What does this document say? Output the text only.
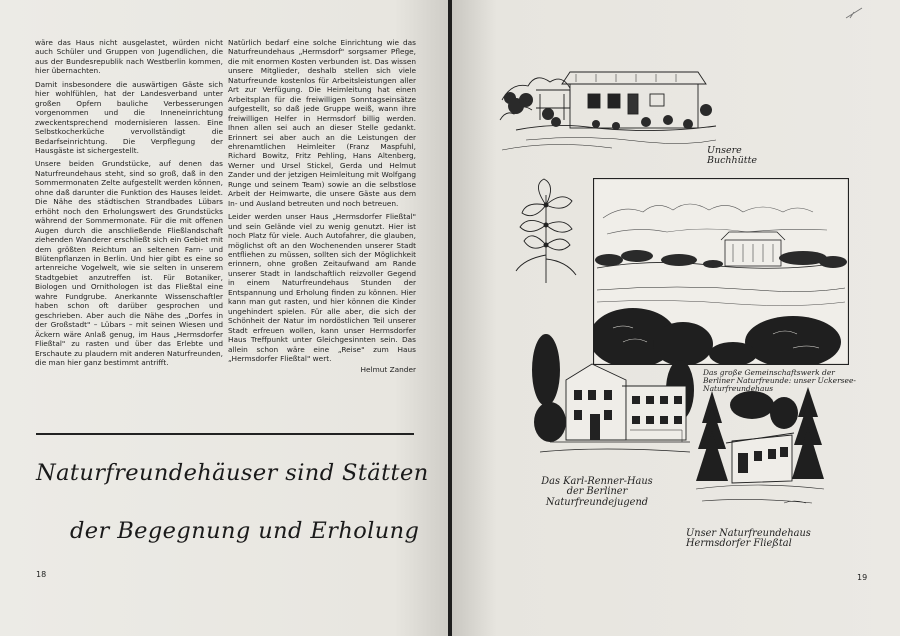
wäre das Haus nicht ausgelastet, würden nicht auch Schüler und Gruppen von Jugendlichen, die aus der Bundesrepublik nach Westberlin kommen, hier übernachten.

Damit insbesondere die auswärtigen Gäste sich hier wohlfühlen, hat der Landesverband unter großen Opfern bauliche Verbesserungen vorgenommen und die Inneneinrichtung zweckentsprechend modernisieren lassen. Eine Selbstkocherküche vervollständigt die Bedarfseinrichtung. Die Verpflegung der Hausgäste ist sichergestellt.

Unsere beiden Grundstücke, auf denen das Naturfreundehaus steht, sind so groß, daß in den Sommermonaten Zelte aufgestellt werden können, ohne daß darunter die Funktion des Hauses leidet. Die Nähe des städtischen Strandbades Lübars erhöht noch den Erholungswert des Grundstücks während der Sommermonate. Für die mit offenen Augen durch die anschließende Fließlandschaft ziehenden Wanderer erschließt sich ein Gebiet mit dem größten Reichtum an seltenen Farn- und Blütenpflanzen in Berlin. Und hier gibt es eine so artenreiche Vogelwelt, wie sie selten in unserem Stadtgebiet anzutreffen ist. Für Botaniker, Biologen und Ornithologen ist das Fließtal eine wahre Fundgrube. Anerkannte Wissenschaftler haben schon oft darüber gesprochen und geschrieben. Aber auch die Nähe des „Dorfes in der Großstadt" – Lübars – mit seinen Wiesen und Äckern wäre Anlaß genug, im Haus „Hermsdorfer Fließtal" zu rasten und über das Erlebte und Erschaute zu plaudern mit anderen Naturfreunden, die man hier ganz bestimmt antrifft.

Natürlich bedarf eine solche Einrichtung wie das Naturfreundehaus „Hermsdorf" sorgsamer Pflege, die mit enormen Kosten verbunden ist. Das wissen unsere Mitglieder, deshalb stellen sich viele Naturfreunde kostenlos für Arbeitsleistungen aller Art zur Verfügung. Die Heimleitung hat einen Arbeitsplan für die freiwilligen Sonntagseinsätze aufgestellt, so daß jede Gruppe weiß, wann ihre freiwilligen Helfer in Hermsdorf billig werden. Ihnen allen sei auch an dieser Stelle gedankt. Erinnert sei aber auch an die Leistungen der ehrenamtlichen Heimleiter (Franz Maspfuhl, Richard Bowitz, Fritz Pehling, Hans Altenberg, Werner und Ursel Stickel, Gerda und Helmut Zander und der jetzigen Heimleitung mit Wolfgang Runge und seinem Team) sowie an die selbstlose Arbeit der Heimwarte, die unsere Gäste aus dem In- und Ausland betreuten und noch betreuen.

Leider werden unser Haus „Hermsdorfer Fließtal" und sein Gelände viel zu wenig genutzt. Hier ist noch Platz für viele. Auch Autofahrer, die glauben, möglichst oft an den Wochenenden unserer Stadt entfliehen zu müssen, sollten sich der Möglichkeit erinnern, ohne großen Zeitaufwand am Rande unserer Stadt in landschaftlich reizvoller Gegend in einem Naturfreundehaus Stunden der Entspannung und Erholung finden zu können. Hier kann man gut rasten, und hier können die Kinder ungehindert spielen. Für alle aber, die sich der Schönheit der Natur im nordöstlichen Teil unserer Stadt erfreuen wollen, kann unser Hermsdorfer Haus Treffpunkt unter Gleichgesinnten sein. Das allein schon wäre eine „Reise" zum Haus „Hermsdorfer Fließtal" wert.

Helmut Zander
Naturfreundehäuser sind Stätten
der Begegnung und Erholung
18
Unsere Buchhütte
Das große Gemeinschaftswerk der Berliner Naturfreunde: unser Uckersee-Naturfreundehaus
Das Karl-Renner-Haus der Berliner Naturfreundejugend
Unser Naturfreundehaus Hermsdorfer Fließtal
19
